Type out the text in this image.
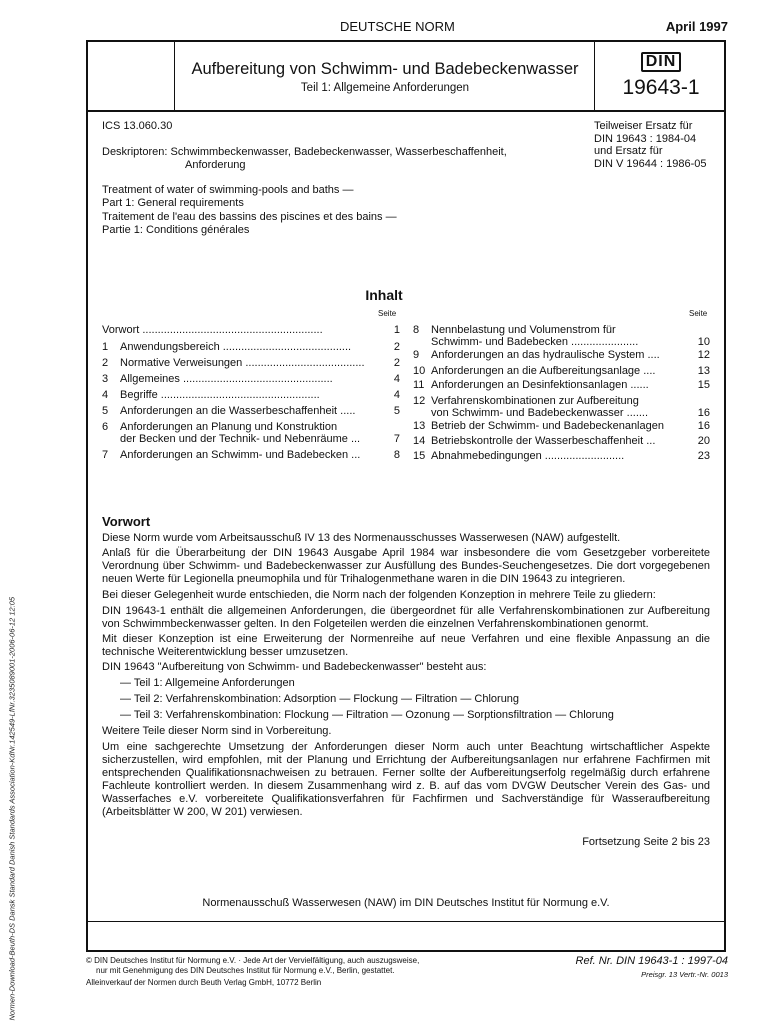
DEUTSCHE NORM	April 1997
Aufbereitung von Schwimm- und Badebeckenwasser
Teil 1: Allgemeine Anforderungen
DIN
19643-1
ICS 13.060.30	Teilweiser Ersatz für
DIN 19643 : 1984-04
und Ersatz für
DIN V 19644 : 1986-05
Deskriptoren: Schwimmbeckenwasser, Badebeckenwasser, Wasserbeschaffenheit,
Anforderung
Treatment of water of swimming-pools and baths —
Part 1: General requirements
Traitement de l'eau des bassins des piscines et des bains —
Partie 1: Conditions générales
Inhalt
Seite	Seite
Vorwort ...........................................................	1
1 Anwendungsbereich ..........................................	2
2 Normative Verweisungen .......................................	2
3 Allgemeines .................................................	4
4 Begriffe ....................................................	4
5 Anforderungen an die Wasserbeschaffenheit .....	5
6 Anforderungen an Planung und Konstruktion
der Becken und der Technik- und Nebenräume ...	7
7 Anforderungen an Schwimm- und Badebecken ...	8
8 Nennbelastung und Volumenstrom für
Schwimm- und Badebecken ......................	10
9 Anforderungen an das hydraulische System ....	12
10 Anforderungen an die Aufbereitungsanlage ....	13
11 Anforderungen an Desinfektionsanlagen ......	15
12 Verfahrenskombinationen zur Aufbereitung
von Schwimm- und Badebeckenwasser .......	16
13 Betrieb der Schwimm- und Badebeckenanlagen	16
14 Betriebskontrolle der Wasserbeschaffenheit ...	20
15 Abnahmebedingungen ..........................	23
Vorwort
Diese Norm wurde vom Arbeitsausschuß IV 13 des Normenausschusses Wasserwesen (NAW) aufgestellt.
Anlaß für die Überarbeitung der DIN 19643 Ausgabe April 1984 war insbesondere die vom Gesetzgeber vorbereitete Verordnung über Schwimm- und Badebeckenwasser zur Ausfüllung des Bundes-Seuchengesetzes. Die dort vorgegebenen neuen Werte für Legionella pneumophila und für Trihalogenmethane waren in die DIN 19643 zu integrieren.
Bei dieser Gelegenheit wurde entschieden, die Norm nach der folgenden Konzeption in mehrere Teile zu gliedern:
DIN 19643-1 enthält die allgemeinen Anforderungen, die übergeordnet für alle Verfahrenskombinationen zur Aufbereitung von Schwimmbeckenwasser gelten. In den Folgeteilen werden die einzelnen Verfahrenskombinationen genormt.
Mit dieser Konzeption ist eine Erweiterung der Normenreihe auf neue Verfahren und eine flexible Anpassung an die technische Weiterentwicklung besser umzusetzen.
DIN 19643 "Aufbereitung von Schwimm- und Badebeckenwasser" besteht aus:
— Teil 1: Allgemeine Anforderungen
— Teil 2: Verfahrenskombination: Adsorption — Flockung — Filtration — Chlorung
— Teil 3: Verfahrenskombination: Flockung — Filtration — Ozonung — Sorptionsfiltration — Chlorung
Weitere Teile dieser Norm sind in Vorbereitung.
Um eine sachgerechte Umsetzung der Anforderungen dieser Norm auch unter Beachtung wirtschaftlicher Aspekte sicherzustellen, wird empfohlen, mit der Planung und Errichtung der Aufbereitungsanlagen nur erfahrene Fachfirmen mit entsprechenden Qualifikationsnachweisen zu betrauen. Ferner sollte der Aufbereitungserfolg regelmäßig durch erfahrene Fachleute kontrolliert werden. In diesem Zusammenhang wird z. B. auf das vom DVGW Deutscher Verein des Gas- und Wasserfaches e.V. vorbereitete Qualifikationsverfahren für Fachfirmen und Sachverständige für Wasseraufbereitung (Arbeitsblätter W 200, W 201) verwiesen.
Fortsetzung Seite 2 bis 23
Normenausschuß Wasserwesen (NAW) im DIN Deutsches Institut für Normung e.V.
© DIN Deutsches Institut für Normung e.V. · Jede Art der Vervielfältigung, auch auszugsweise,
nur mit Genehmigung des DIN Deutsches Institut für Normung e.V., Berlin, gestattet.
Alleinverkauf der Normen durch Beuth Verlag GmbH, 10772 Berlin
Ref. Nr. DIN 19643-1 : 1997-04
Preisgr. 13 Vertr.-Nr. 0013
Normen-Download-Beuth-DS Dansk Standard Danish Standards Association-KdNr.142549-LfNr.3235089001-2006-06-12 12:05
